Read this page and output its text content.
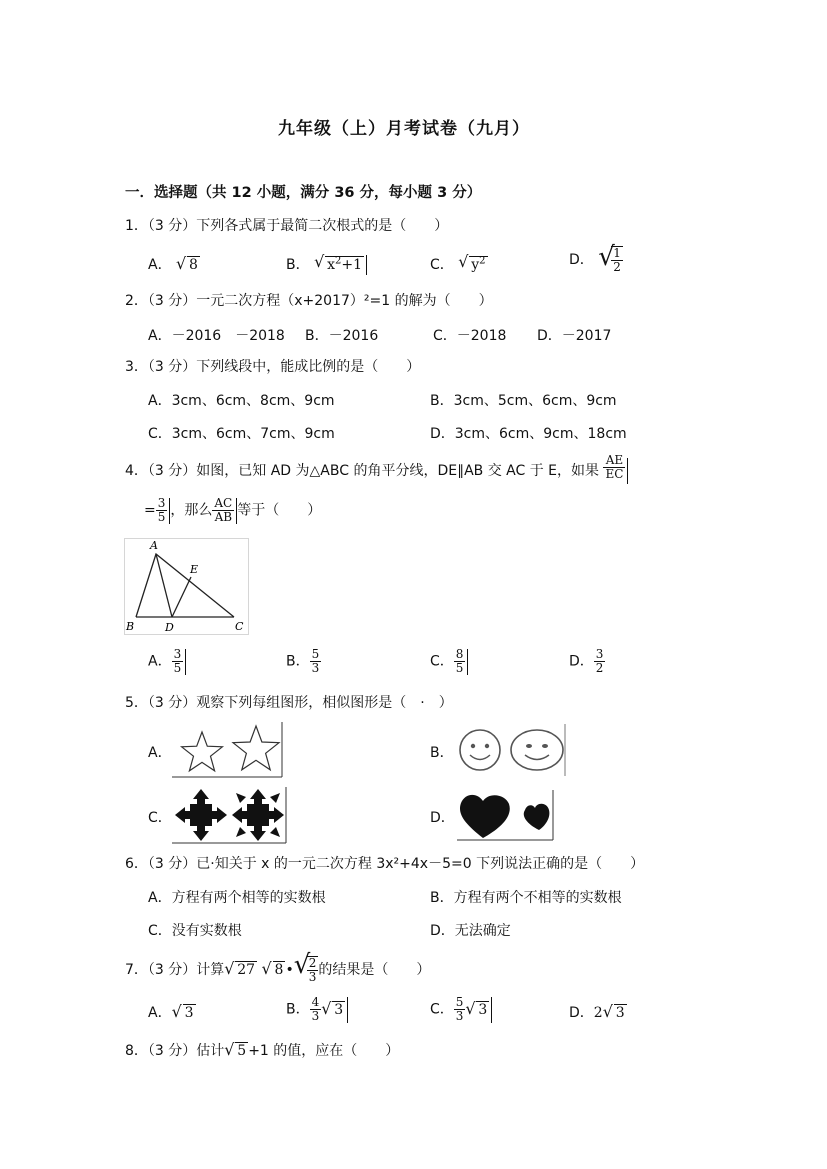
九年级（上）月考试卷（九月）
一．选择题（共 12 小题，满分 36 分，每小题 3 分）
1．（3 分）下列各式属于最简二次根式的是（　　）
A． √ 8	B． √ $x^2+1$	C． √ $y^2$	D． √
$\frac{1}{2}$
2．（3 分）一元二次方程（x+2017）²=1 的解为（　　）
A．－2016　－2018 B．－2016	C．－2018 D．－2017
3．（3 分）下列线段中，能成比例的是（　　）
A．3cm、6cm、8cm、9cm	B．3cm、5cm、6cm、9cm
C．3cm、6cm、7cm、9cm	D．3cm、6cm、9cm、18cm
4．（3 分）如图，已知 AD 为△ABC 的角平分线，DE∥AB 交 AC 于 E，如果 $\frac{AE}{EC}$
= $\frac{3}{5}$ ，那么 $\frac{AC}{AB}$ 等于（　　）
A
B	C
D
E
A． $\frac{3}{5}$	B． $\frac{5}{3}$	C． $\frac{8}{5}$	D． $\frac{3}{2}$
5．（3 分）观察下列每组图形，相似图形是（　·　）
A．	B．
C．	D．
6．（3 分）已·知关于 x 的一元二次方程 3x²+4x－5=0 下列说法正确的是（　　）
A．方程有两个相等的实数根	B．方程有两个不相等的实数根
C．没有实数根	D．无法确定
7．（3 分）计算 √ 27 √ 8 • √
$\frac{2}{3}$ 的结果是（　　）
A． √ 3	B． $\frac{4}{3}$ √ 3	C． $\frac{5}{3}$ √ 3	D．2 √ 3
8．（3 分）估计 √ 5 +1 的值，应在（　　）
